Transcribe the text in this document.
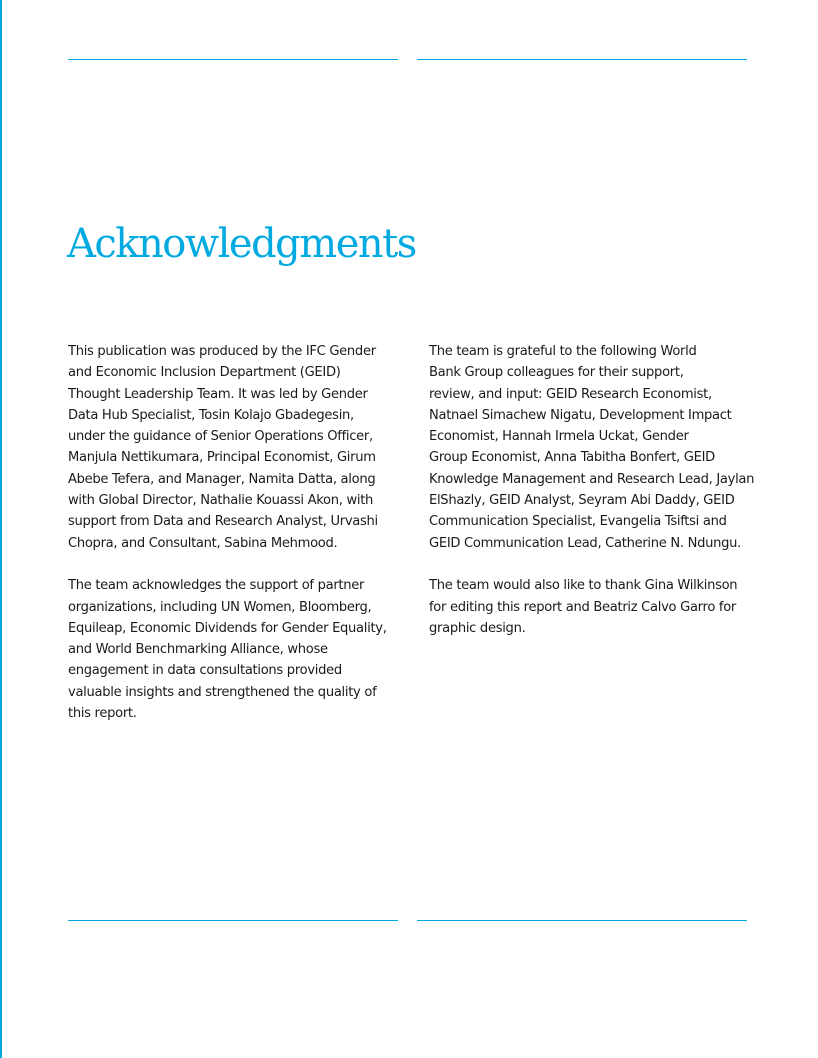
Acknowledgments

This publication was produced by the IFC Gender
and Economic Inclusion Department (GEID)
Thought Leadership Team. It was led by Gender
Data Hub Specialist, Tosin Kolajo Gbadegesin,
under the guidance of Senior Operations Officer,
Manjula Nettikumara, Principal Economist, Girum
Abebe Tefera, and Manager, Namita Datta, along
with Global Director, Nathalie Kouassi Akon, with
support from Data and Research Analyst, Urvashi
Chopra, and Consultant, Sabina Mehmood.

The team acknowledges the support of partner
organizations, including UN Women, Bloomberg,
Equileap, Economic Dividends for Gender Equality,
and World Benchmarking Alliance, whose
engagement in data consultations provided
valuable insights and strengthened the quality of
this report.

The team is grateful to the following World
Bank Group colleagues for their support,
review, and input: GEID Research Economist,
Natnael Simachew Nigatu, Development Impact
Economist, Hannah Irmela Uckat, Gender
Group Economist, Anna Tabitha Bonfert, GEID
Knowledge Management and Research Lead, Jaylan
ElShazly, GEID Analyst, Seyram Abi Daddy, GEID
Communication Specialist, Evangelia Tsiftsi and
GEID Communication Lead, Catherine N. Ndungu.

The team would also like to thank Gina Wilkinson
for editing this report and Beatriz Calvo Garro for
graphic design.
